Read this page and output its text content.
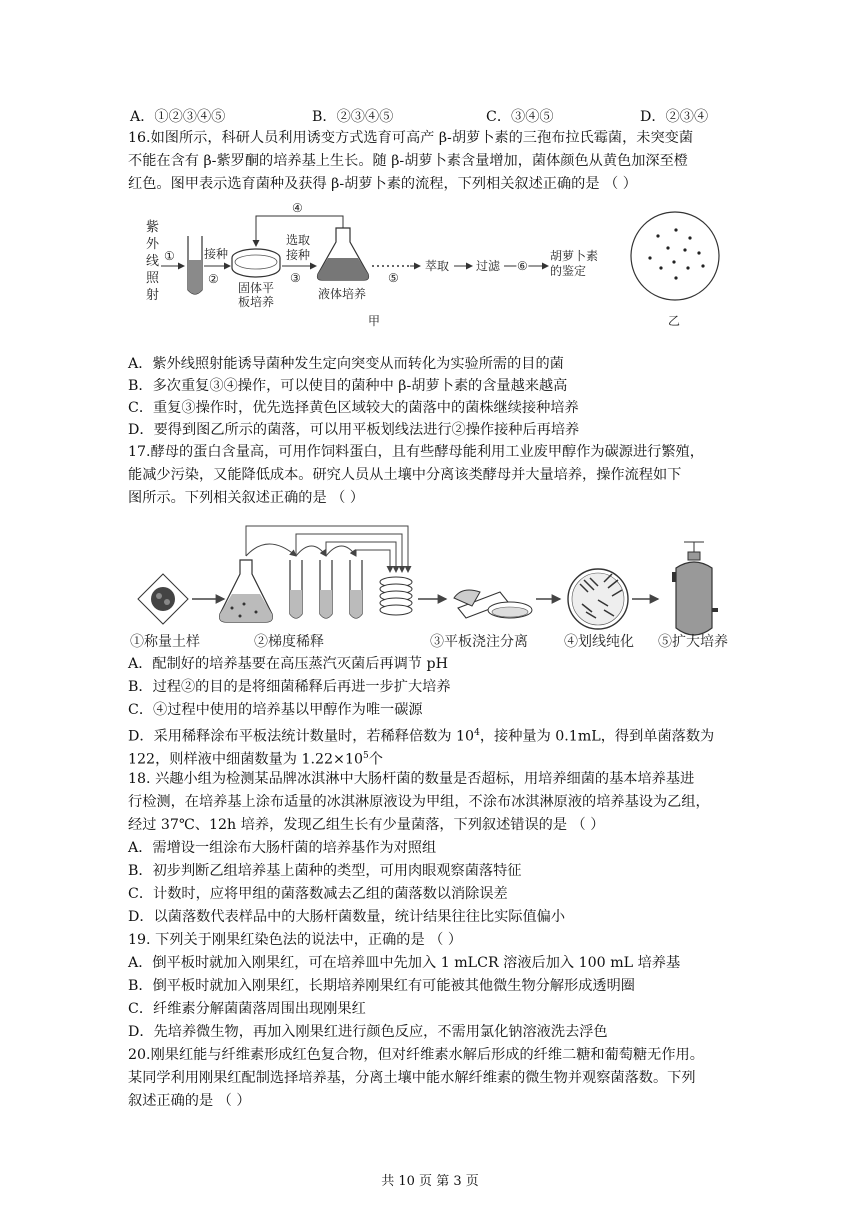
A．①②③④⑤	B．②③④⑤	C．③④⑤	D．②③④
16.如图所示，科研人员利用诱变方式选育可高产 β-胡萝卜素的三孢布拉氏霉菌，未突变菌
不能在含有 β-紫罗酮的培养基上生长。随 β-胡萝卜素含量增加，菌体颜色从黄色加深至橙
红色。图甲表示选育菌种及获得 β-胡萝卜素的流程，下列相关叙述正确的是 （ ）
紫
外
线
照
射
① 接种
②
固体平
板培养
选取
接种
③
④
液体培养
⑤
萃取 过滤 ⑥
胡萝卜素
的鉴定
甲	乙
A．紫外线照射能诱导菌种发生定向突变从而转化为实验所需的目的菌
B．多次重复③④操作，可以使目的菌种中 β-胡萝卜素的含量越来越高
C．重复③操作时，优先选择黄色区域较大的菌落中的菌株继续接种培养
D．要得到图乙所示的菌落，可以用平板划线法进行②操作接种后再培养
17.酵母的蛋白含量高，可用作饲料蛋白，且有些酵母能利用工业废甲醇作为碳源进行繁殖，
能减少污染，又能降低成本。研究人员从土壤中分离该类酵母并大量培养，操作流程如下
图所示。下列相关叙述正确的是 （ ）
①称量土样	②梯度稀释	③平板浇注分离	④划线纯化 ⑤扩大培养
A．配制好的培养基要在高压蒸汽灭菌后再调节 pH
B．过程②的目的是将细菌稀释后再进一步扩大培养
C．④过程中使用的培养基以甲醇作为唯一碳源
D．采用稀释涂布平板法统计数量时，若稀释倍数为 $10^4$，接种量为 0.1mL，得到单菌落数为
122，则样液中细菌数量为 $1.22\times 10^5$个
18. 兴趣小组为检测某品牌冰淇淋中大肠杆菌的数量是否超标，用培养细菌的基本培养基进
行检测，在培养基上涂布适量的冰淇淋原液设为甲组，不涂布冰淇淋原液的培养基设为乙组，
经过 37℃、12h 培养，发现乙组生长有少量菌落，下列叙述错误的是 （ ）
A．需增设一组涂布大肠杆菌的培养基作为对照组
B．初步判断乙组培养基上菌种的类型，可用肉眼观察菌落特征
C．计数时，应将甲组的菌落数减去乙组的菌落数以消除误差
D．以菌落数代表样品中的大肠杆菌数量，统计结果往往比实际值偏小
19. 下列关于刚果红染色法的说法中，正确的是 （ ）
A．倒平板时就加入刚果红，可在培养皿中先加入 1 mLCR 溶液后加入 100 mL 培养基
B．倒平板时就加入刚果红，长期培养刚果红有可能被其他微生物分解形成透明圈
C．纤维素分解菌菌落周围出现刚果红
D．先培养微生物，再加入刚果红进行颜色反应，不需用氯化钠溶液洗去浮色
20.刚果红能与纤维素形成红色复合物，但对纤维素水解后形成的纤维二糖和葡萄糖无作用。
某同学利用刚果红配制选择培养基，分离土壤中能水解纤维素的微生物并观察菌落数。下列
叙述正确的是 （ ）
共 10 页 第 3 页
